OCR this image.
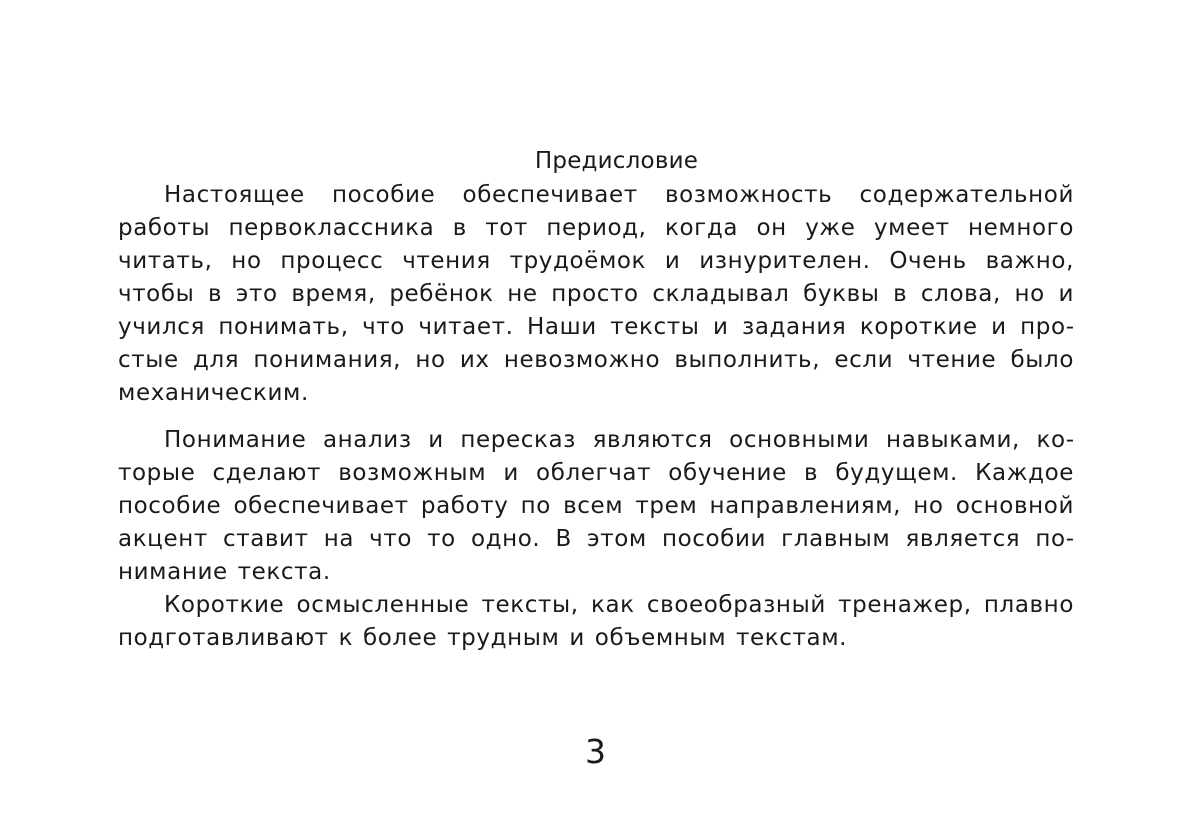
Предисловие

Настоящее пособие обеспечивает возможность содержательной работы первоклассника в тот период, когда он уже умеет немного читать, но процесс чтения трудоёмок и изнурителен. Очень важно, чтобы в это время, ребёнок не просто складывал буквы в слова, но и учился понимать, что читает. Наши тексты и задания короткие и простые для понимания, но их невозможно выполнить, если чтение было механическим.

Понимание анализ и пересказ являются основными навыками, которые сделают возможным и облегчат обучение в будущем. Каждое пособие обеспечивает работу по всем трем направлениям, но основной акцент ставит на что то одно. В этом пособии главным является понимание текста.

Короткие осмысленные тексты, как своеобразный тренажер, плавно подготавливают к более трудным и объемным текстам.

3
